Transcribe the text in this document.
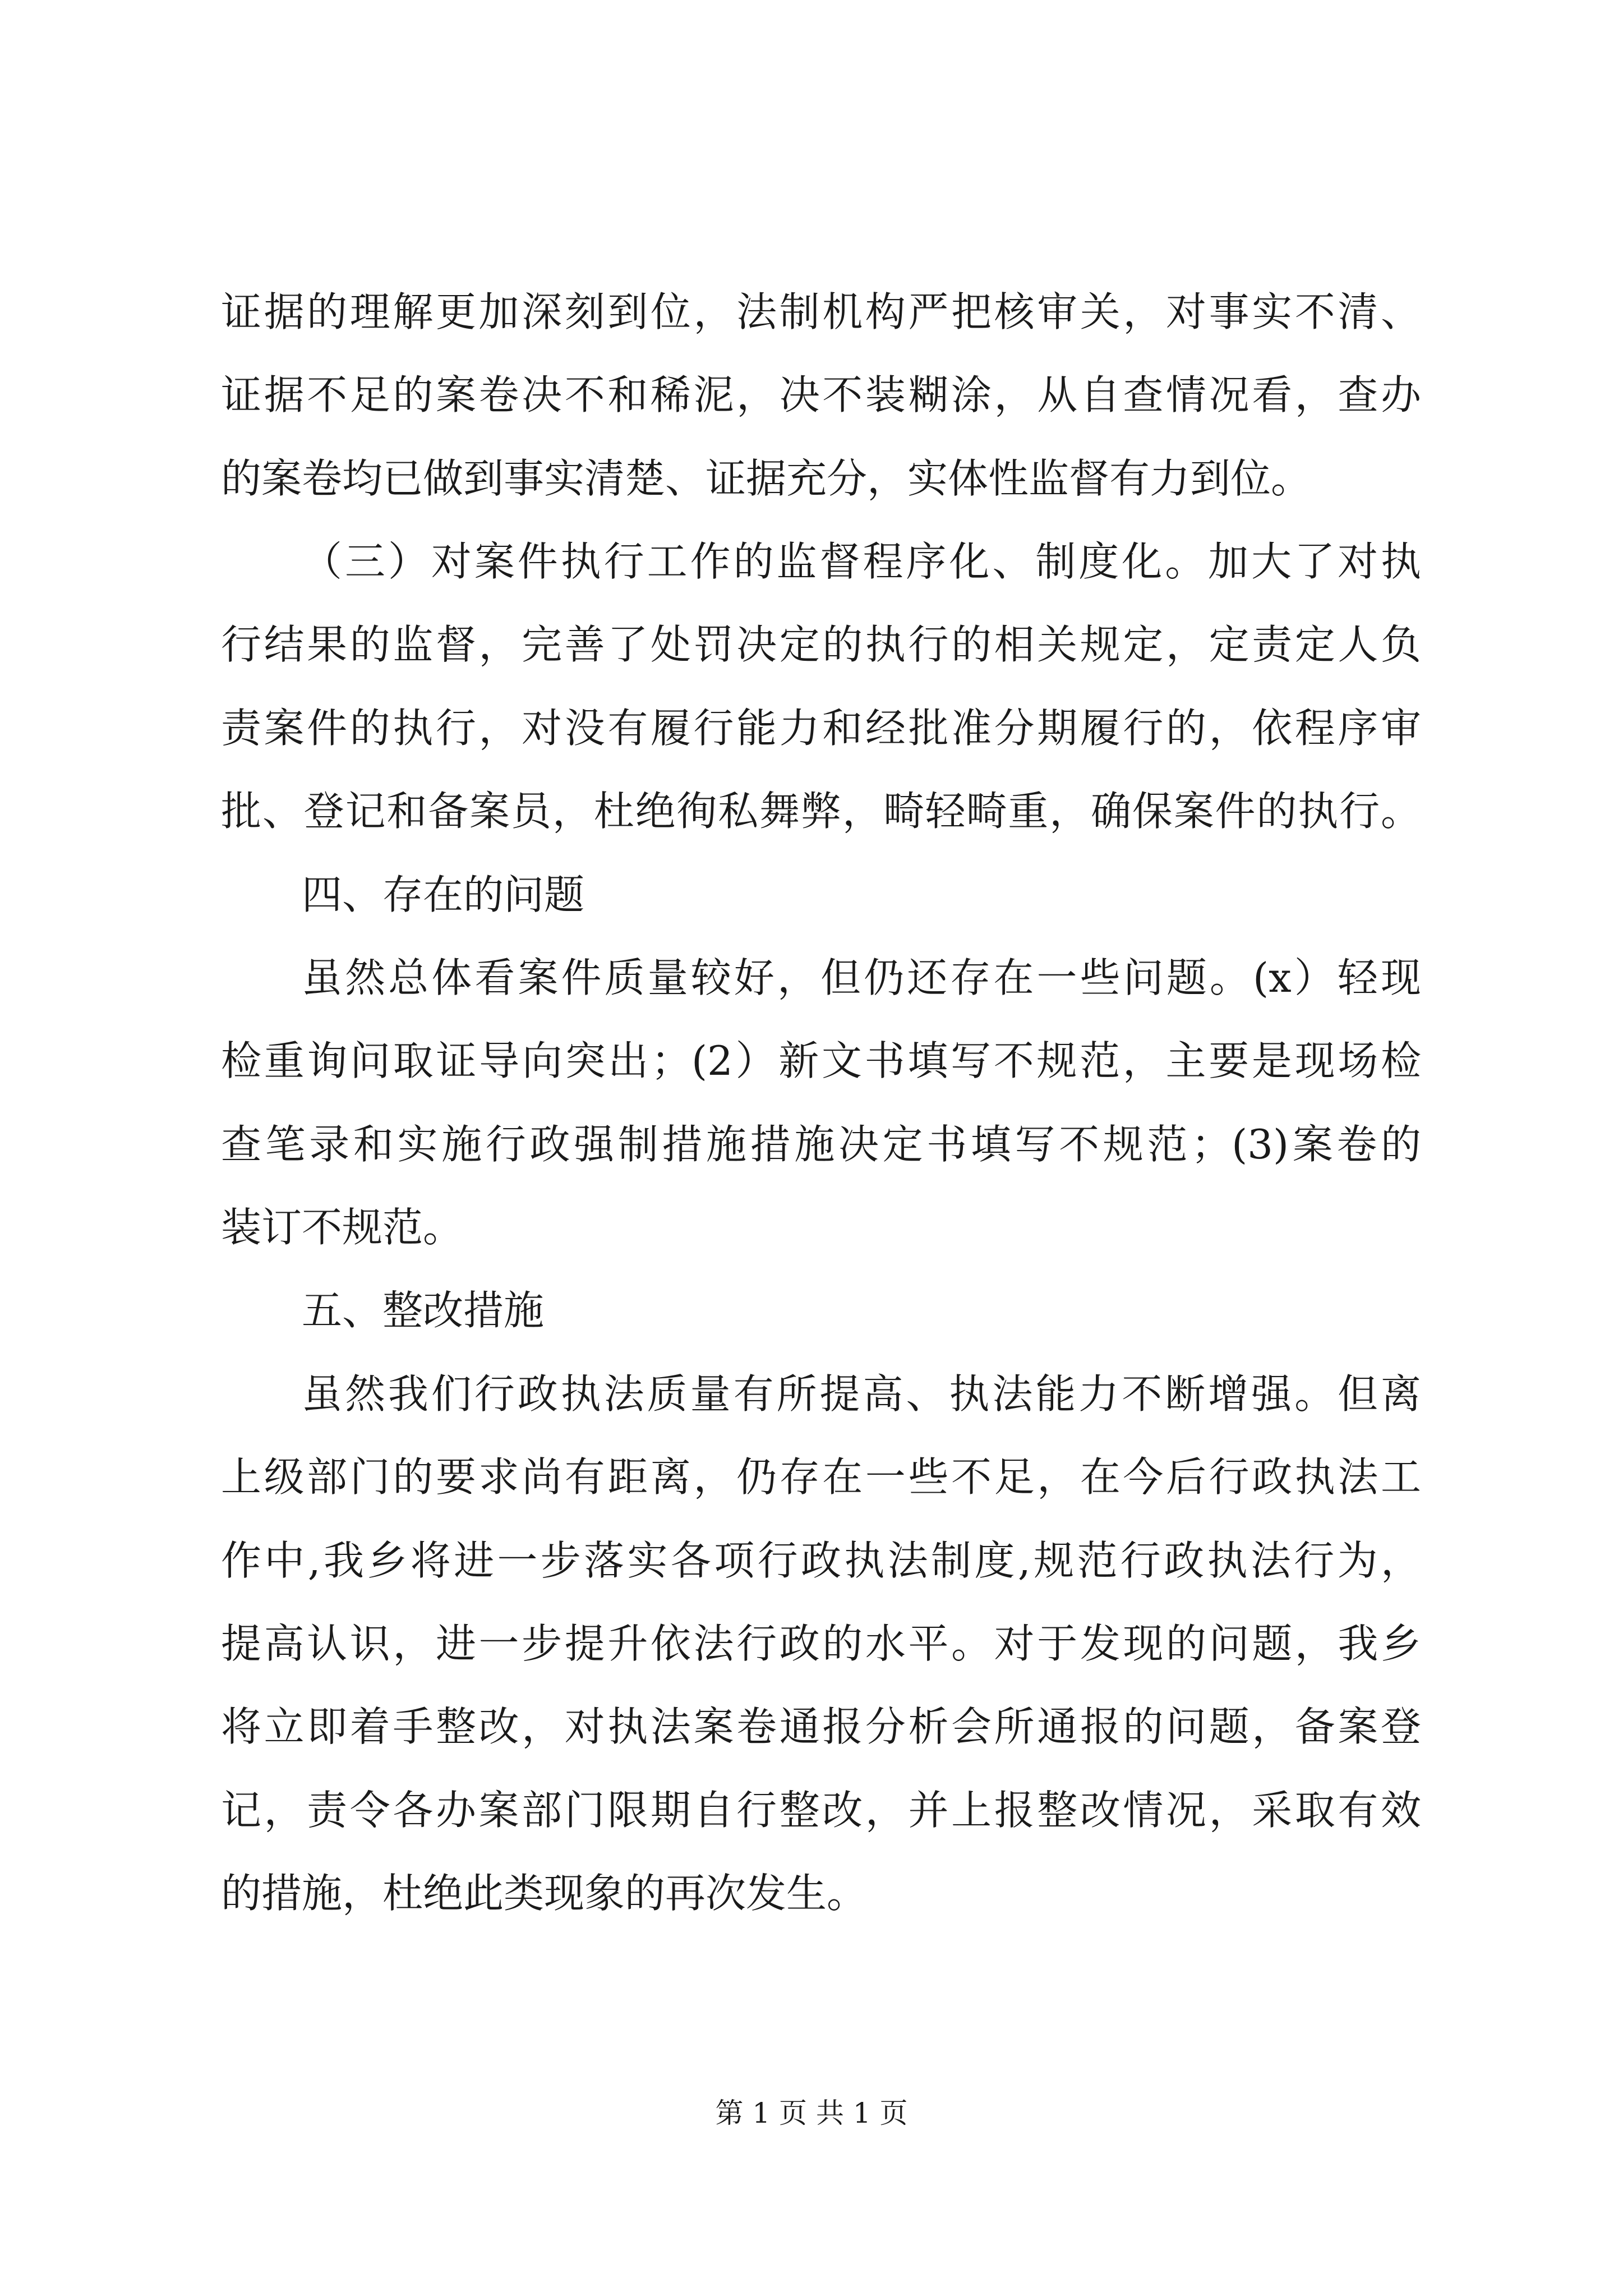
证据的理解更加深刻到位，法制机构严把核审关，对事实不清、
证据不足的案卷决不和稀泥，决不装糊涂，从自查情况看，查办
的案卷均已做到事实清楚、证据充分，实体性监督有力到位。
（三）对案件执行工作的监督程序化、制度化。加大了对执
行结果的监督，完善了处罚决定的执行的相关规定，定责定人负
责案件的执行，对没有履行能力和经批准分期履行的，依程序审
批、登记和备案员，杜绝徇私舞弊，畸轻畸重，确保案件的执行。
四、存在的问题
虽然总体看案件质量较好，但仍还存在一些问题。(x）轻现
检重询问取证导向突出；(2）新文书填写不规范，主要是现场检
查笔录和实施行政强制措施措施决定书填写不规范；(3)案卷的
装订不规范。
五、整改措施
虽然我们行政执法质量有所提高、执法能力不断增强。但离
上级部门的要求尚有距离，仍存在一些不足，在今后行政执法工
作中,我乡将进一步落实各项行政执法制度,规范行政执法行为，
提高认识，进一步提升依法行政的水平。对于发现的问题，我乡
将立即着手整改，对执法案卷通报分析会所通报的问题，备案登
记，责令各办案部门限期自行整改，并上报整改情况，采取有效
的措施，杜绝此类现象的再次发生。
第 1 页 共 1 页
